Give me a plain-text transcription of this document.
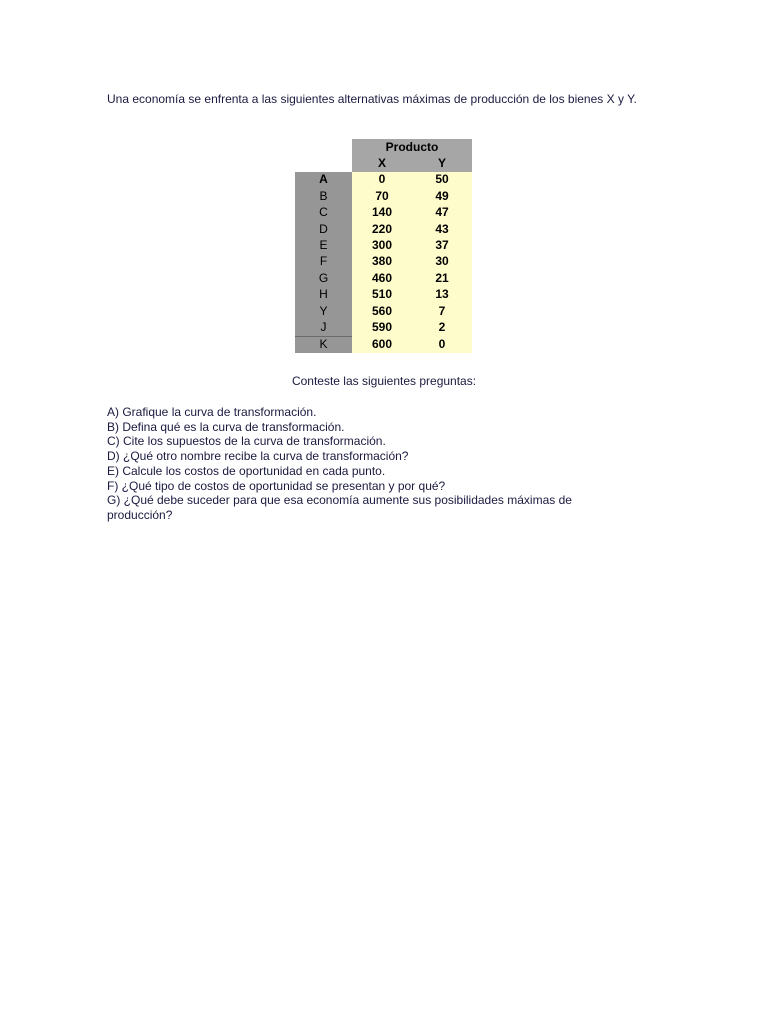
Una economía se enfrenta a las siguientes alternativas máximas de producción de los bienes X y Y.

	Producto	
	X	Y
A	0	50
B	70	49
C	140	47
D	220	43
E	300	37
F	380	30
G	460	21
H	510	13
Y	560	7
J	590	2
K	600	0

Conteste las siguientes preguntas:

A) Grafique la curva de transformación.
B) Defina qué es la curva de transformación.
C) Cite los supuestos de la curva de transformación.
D) ¿Qué otro nombre recibe la curva de transformación?
E) Calcule los costos de oportunidad en cada punto.
F) ¿Qué tipo de costos de oportunidad se presentan y por qué?
G) ¿Qué debe suceder para que esa economía aumente sus posibilidades máximas de producción?
